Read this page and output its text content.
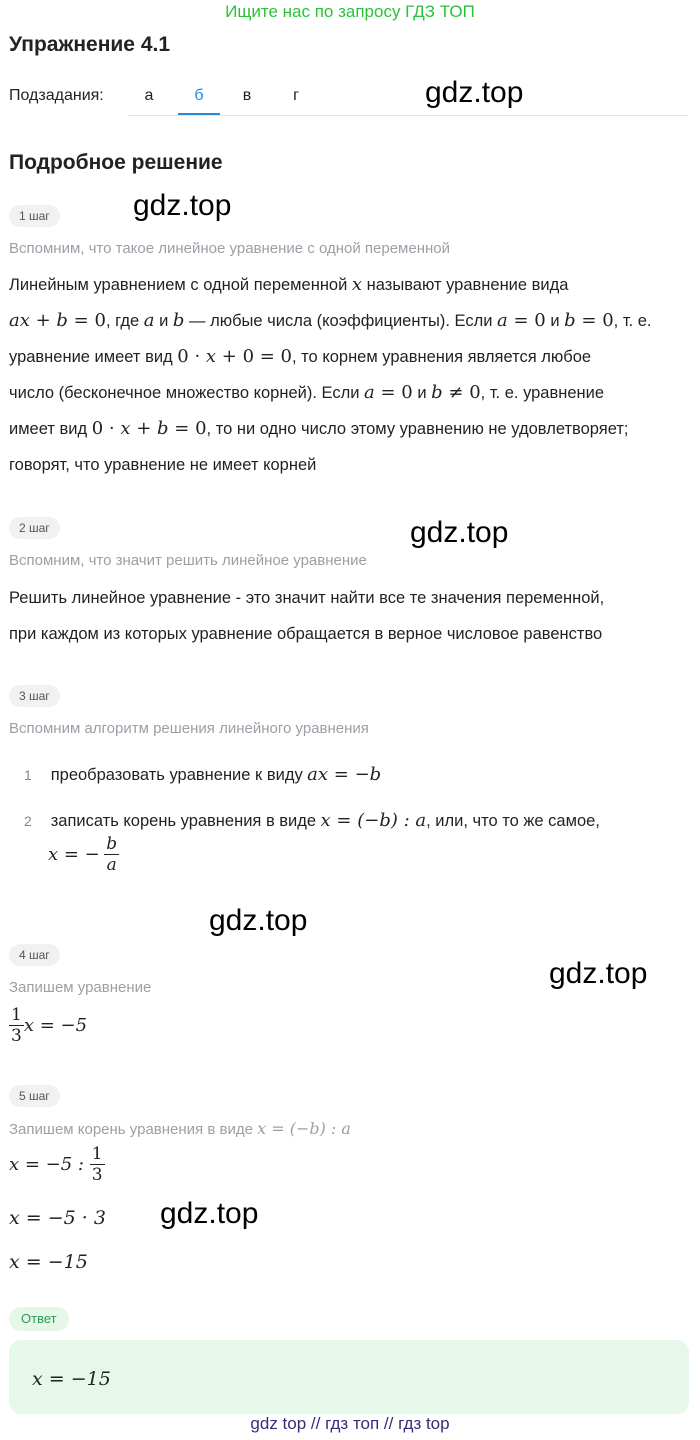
Ищите нас по запросу ГДЗ ТОП
Упражнение 4.1
Подзадания:	а	б	в	г	gdz.top
gdz.top
gdz.top
gdz.top
gdz.top
gdz.top
Подробное решение
1 шаг
Вспомним, что такое линейное уравнение с одной переменной
Линейным уравнением с одной переменной x называют уравнение вида
ax + b = 0, где a и b — любые числа (коэффициенты). Если a = 0 и b = 0, т. е.
уравнение имеет вид 0 · x + 0 = 0, то корнем уравнения является любое
число (бесконечное множество корней). Если a = 0 и b ≠ 0, т. е. уравнение
имеет вид 0 · x + b = 0, то ни одно число этому уравнению не удовлетворяет;
говорят, что уравнение не имеет корней
2 шаг
Вспомним, что значит решить линейное уравнение
Решить линейное уравнение - это значит найти все те значения переменной,
при каждом из которых уравнение обращается в верное числовое равенство
3 шаг
Вспомним алгоритм решения линейного уравнения
1 преобразовать уравнение к виду ax = −b
2 записать корень уравнения в виде x = (−b) : a, или, что то же самое,
x = − $\frac{b}{a}$
4 шаг
Запишем уравнение
$\frac{1}{3}$ x = −5
5 шаг
Запишем корень уравнения в виде x = (−b) : a
x = −5 : $\frac{1}{3}$
x = −5 · 3
x = −15
Ответ
x = −15
gdz top // гдз топ // гдз top
